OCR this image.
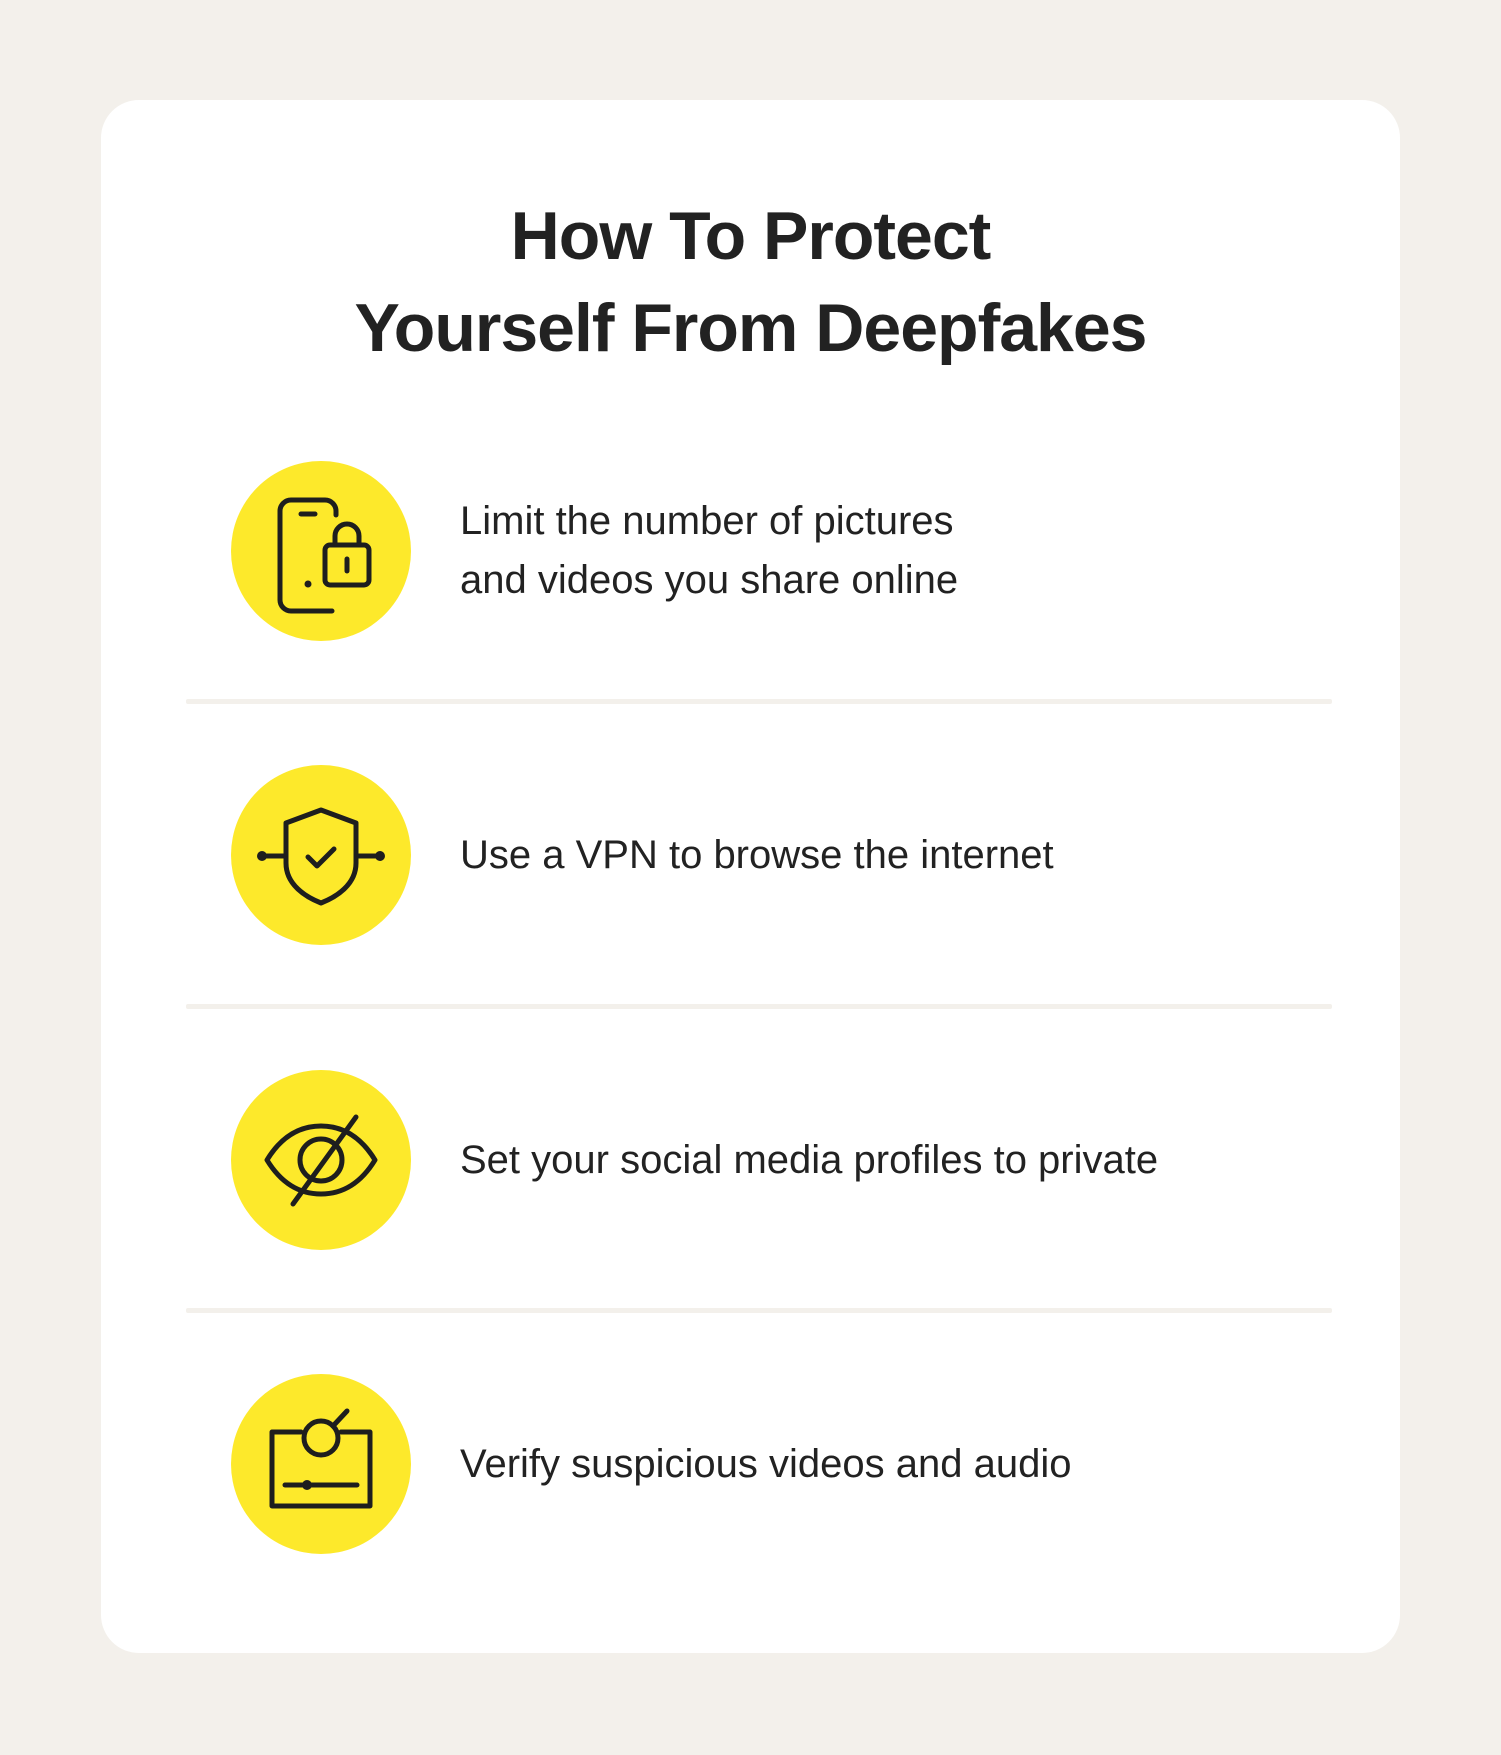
How To Protect
Yourself From Deepfakes
Limit the number of pictures
and videos you share online
Use a VPN to browse the internet
Set your social media profiles to private
Verify suspicious videos and audio
